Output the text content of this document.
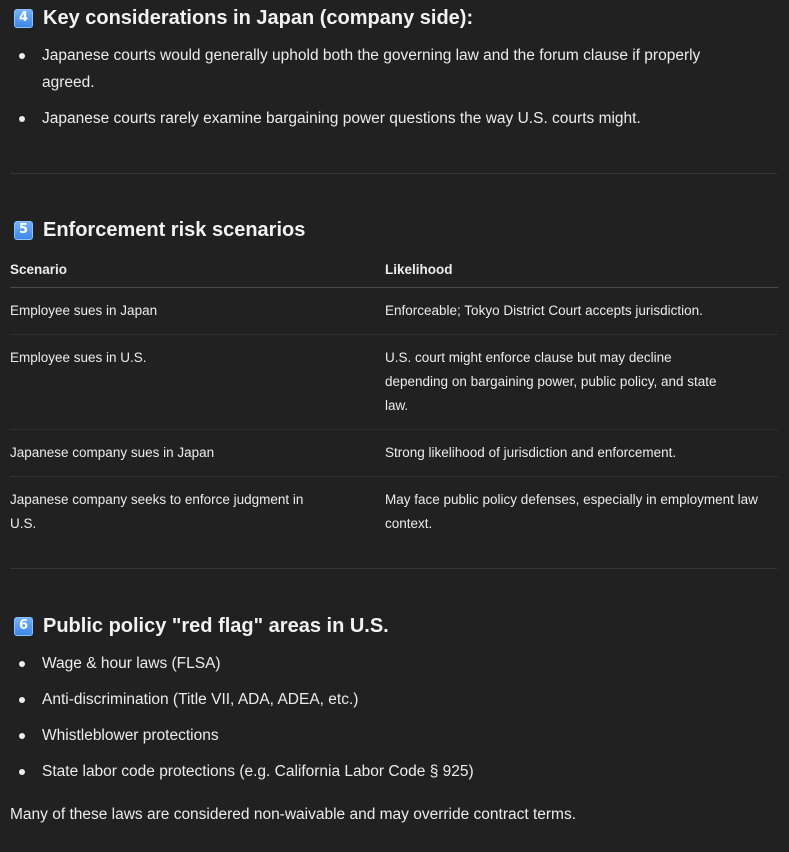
4 Key considerations in Japan (company side):
Japanese courts would generally uphold both the governing law and the forum clause if properly agreed.
Japanese courts rarely examine bargaining power questions the way U.S. courts might.
5 Enforcement risk scenarios
Scenario	Likelihood
Employee sues in Japan	Enforceable; Tokyo District Court accepts jurisdiction.
Employee sues in U.S.	U.S. court might enforce clause but may decline depending on bargaining power, public policy, and state law.
Japanese company sues in Japan	Strong likelihood of jurisdiction and enforcement.
Japanese company seeks to enforce judgment in U.S.	May face public policy defenses, especially in employment law context.
6 Public policy "red flag" areas in U.S.
Wage & hour laws (FLSA)
Anti-discrimination (Title VII, ADA, ADEA, etc.)
Whistleblower protections
State labor code protections (e.g. California Labor Code § 925)

Many of these laws are considered non-waivable and may override contract terms.
